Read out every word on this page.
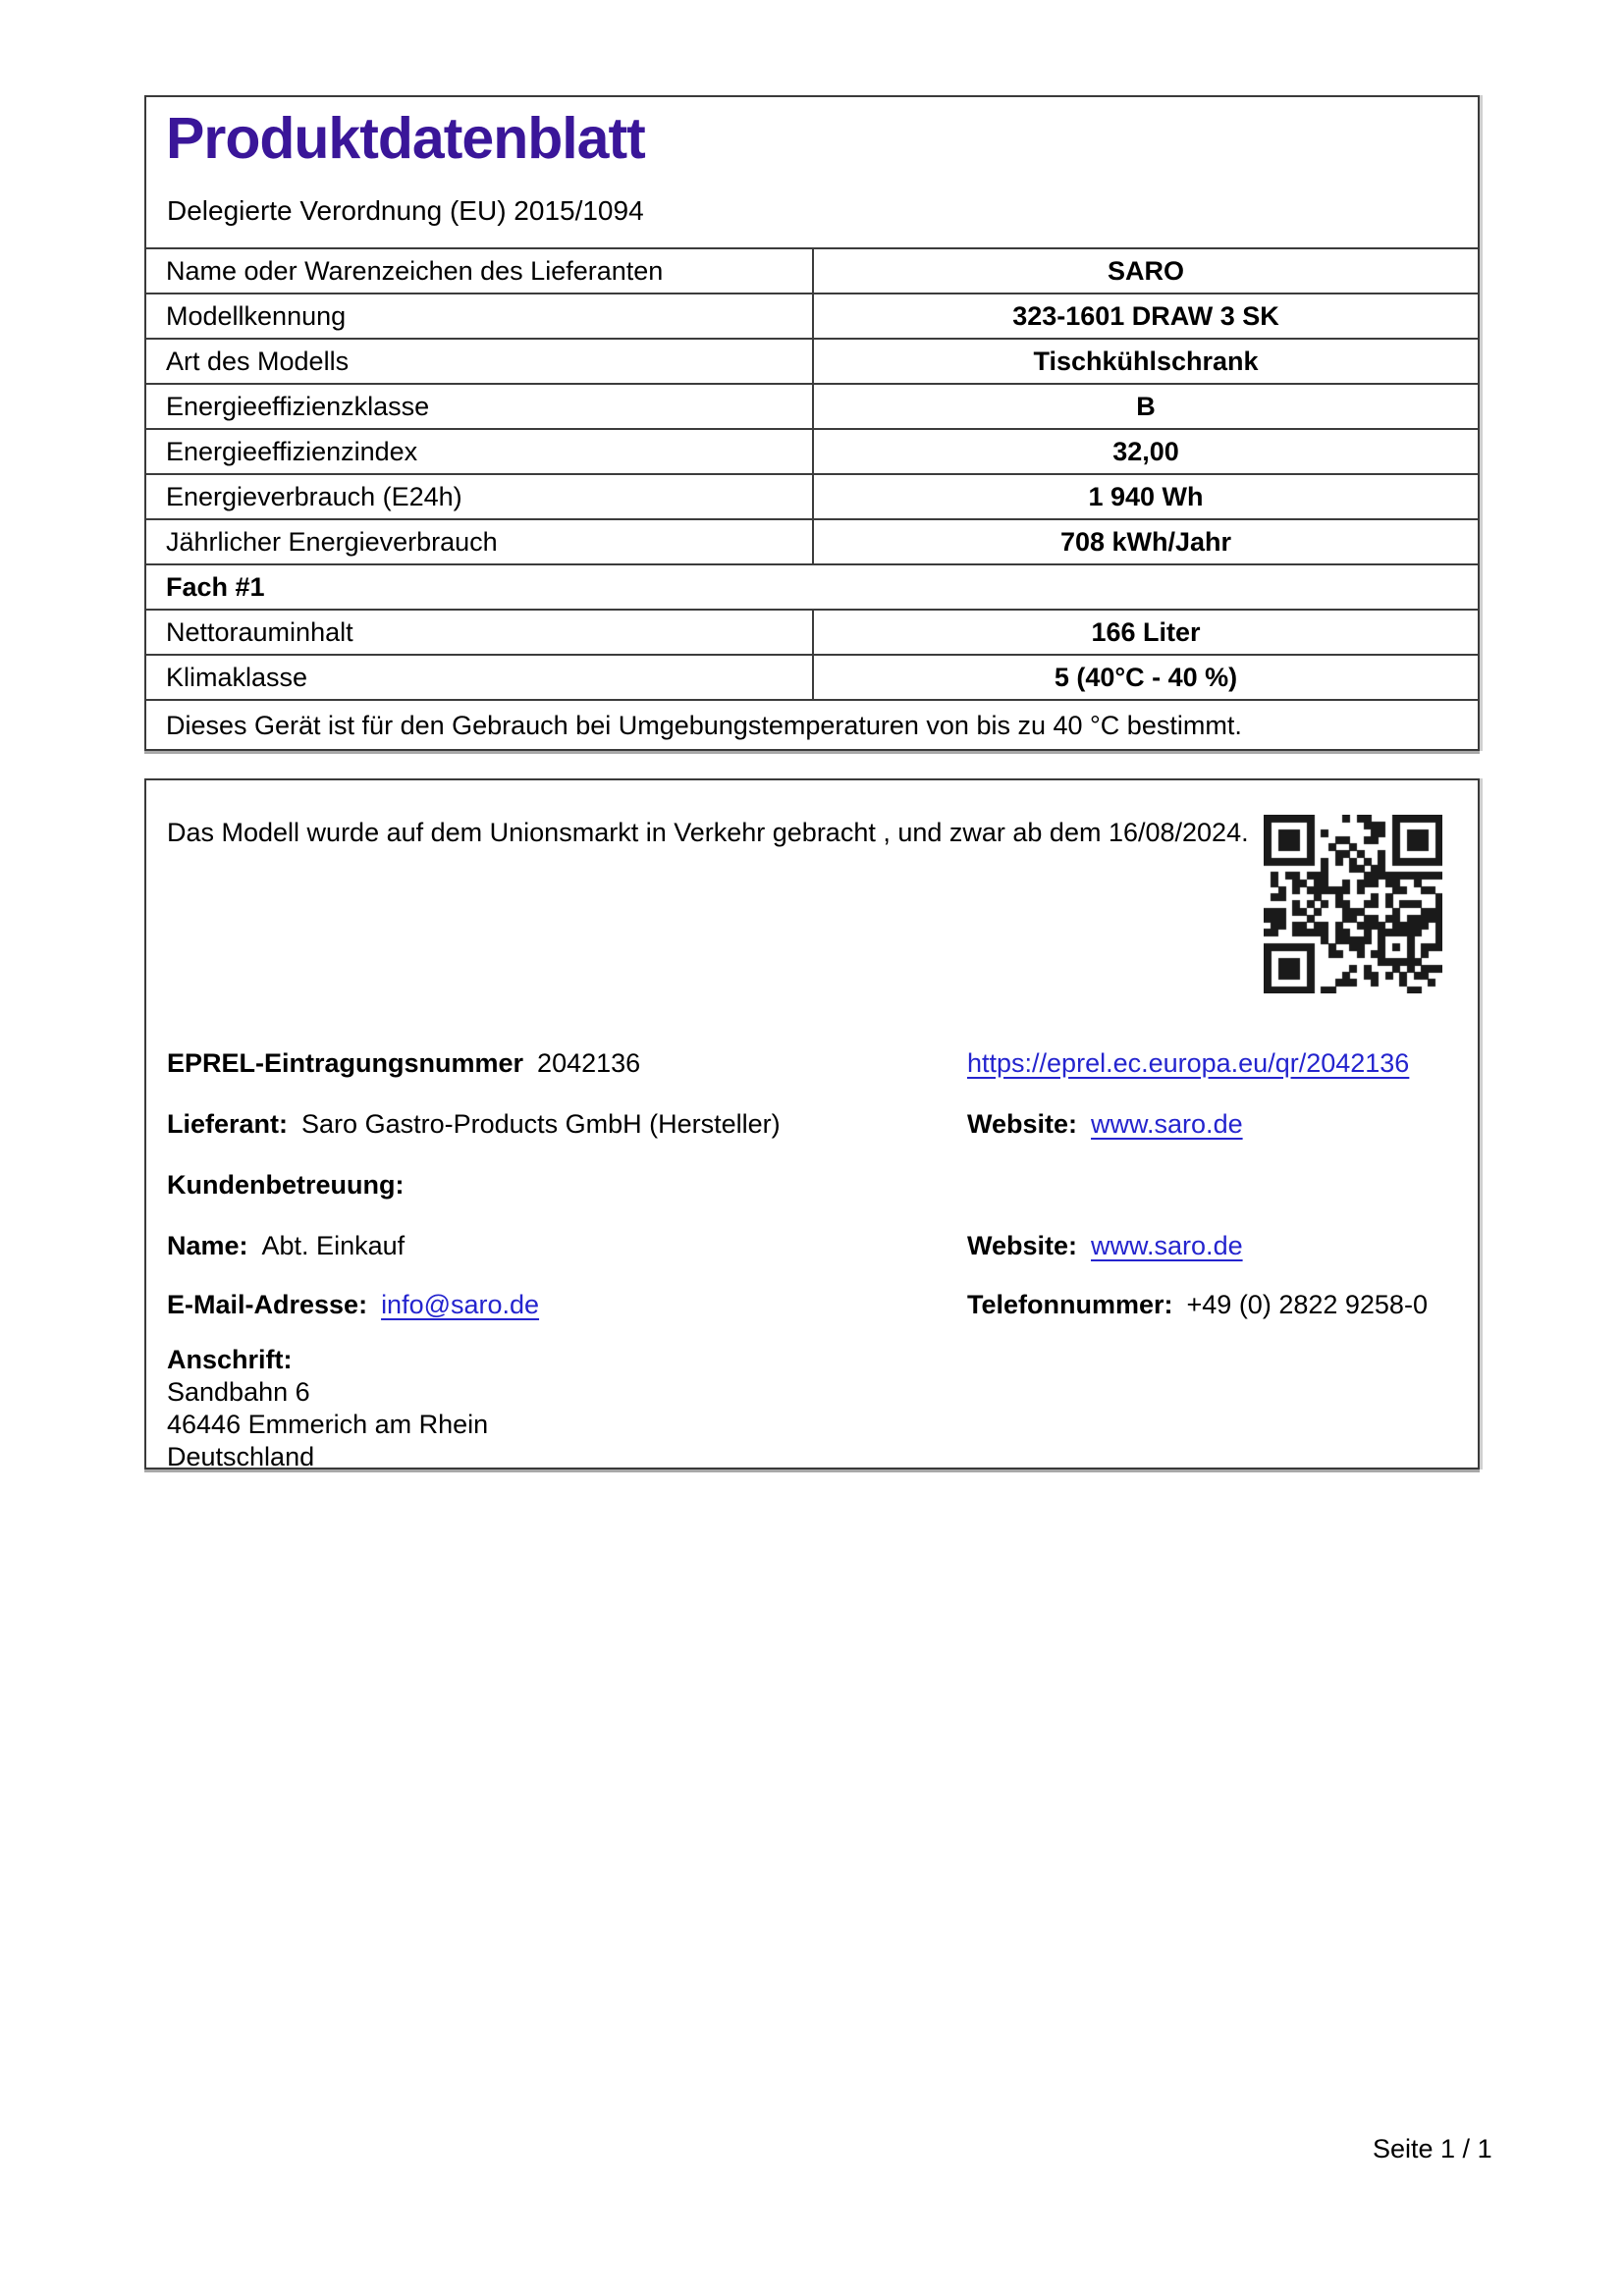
Produktdatenblatt
Delegierte Verordnung (EU) 2015/1094
Name oder Warenzeichen des Lieferanten	SARO
Modellkennung	323-1601 DRAW 3 SK
Art des Modells	Tischkühlschrank
Energieeffizienzklasse	B
Energieeffizienzindex	32,00
Energieverbrauch (E24h)	1 940 Wh
Jährlicher Energieverbrauch	708 kWh/Jahr
Fach #1	
Nettorauminhalt	166 Liter
Klimaklasse	5 (40°C - 40 %)
Dieses Gerät ist für den Gebrauch bei Umgebungstemperaturen von bis zu 40 °C bestimmt.	
Das Modell wurde auf dem Unionsmarkt in Verkehr gebracht , und zwar ab dem 16/08/2024.
EPREL-Eintragungsnummer 2042136	https://eprel.ec.europa.eu/qr/2042136
Lieferant: Saro Gastro-Products GmbH (Hersteller)	Website: www.saro.de
Kundenbetreuung:
Name: Abt. Einkauf	Website: www.saro.de
E-Mail-Adresse: info@saro.de	Telefonnummer: +49 (0) 2822 9258-0
Anschrift:
Sandbahn 6
46446 Emmerich am Rhein
Deutschland
Seite 1 / 1
